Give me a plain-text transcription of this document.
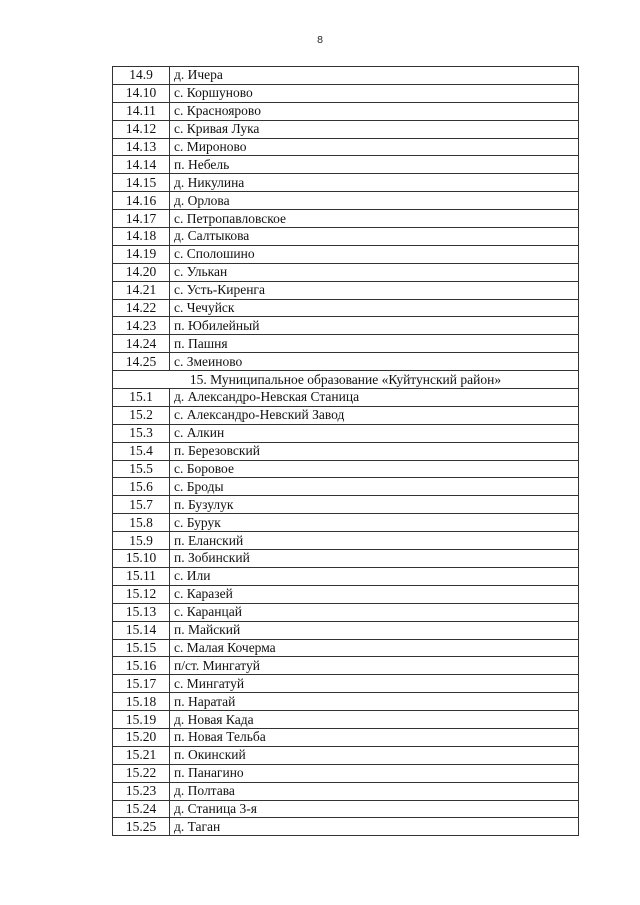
8
14.9	д. Ичера
14.10	с. Коршуново
14.11	с. Красноярово
14.12	с. Кривая Лука
14.13	с. Мироново
14.14	п. Небель
14.15	д. Никулина
14.16	д. Орлова
14.17	с. Петропавловское
14.18	д. Салтыкова
14.19	с. Сполошино
14.20	с. Улькан
14.21	с. Усть-Киренга
14.22	с. Чечуйск
14.23	п. Юбилейный
14.24	п. Пашня
14.25	с. Змеиново
15. Муниципальное образование «Куйтунский район»	
15.1	д. Александро-Невская Станица
15.2	с. Александро-Невский Завод
15.3	с. Алкин
15.4	п. Березовский
15.5	с. Боровое
15.6	с. Броды
15.7	п. Бузулук
15.8	с. Бурук
15.9	п. Еланский
15.10	п. Зобинский
15.11	с. Или
15.12	с. Каразей
15.13	с. Каранцай
15.14	п. Майский
15.15	с. Малая Кочерма
15.16	п/ст. Мингатуй
15.17	с. Мингатуй
15.18	п. Наратай
15.19	д. Новая Када
15.20	п. Новая Тельба
15.21	п. Окинский
15.22	п. Панагино
15.23	д. Полтава
15.24	д. Станица 3-я
15.25	д. Таган
